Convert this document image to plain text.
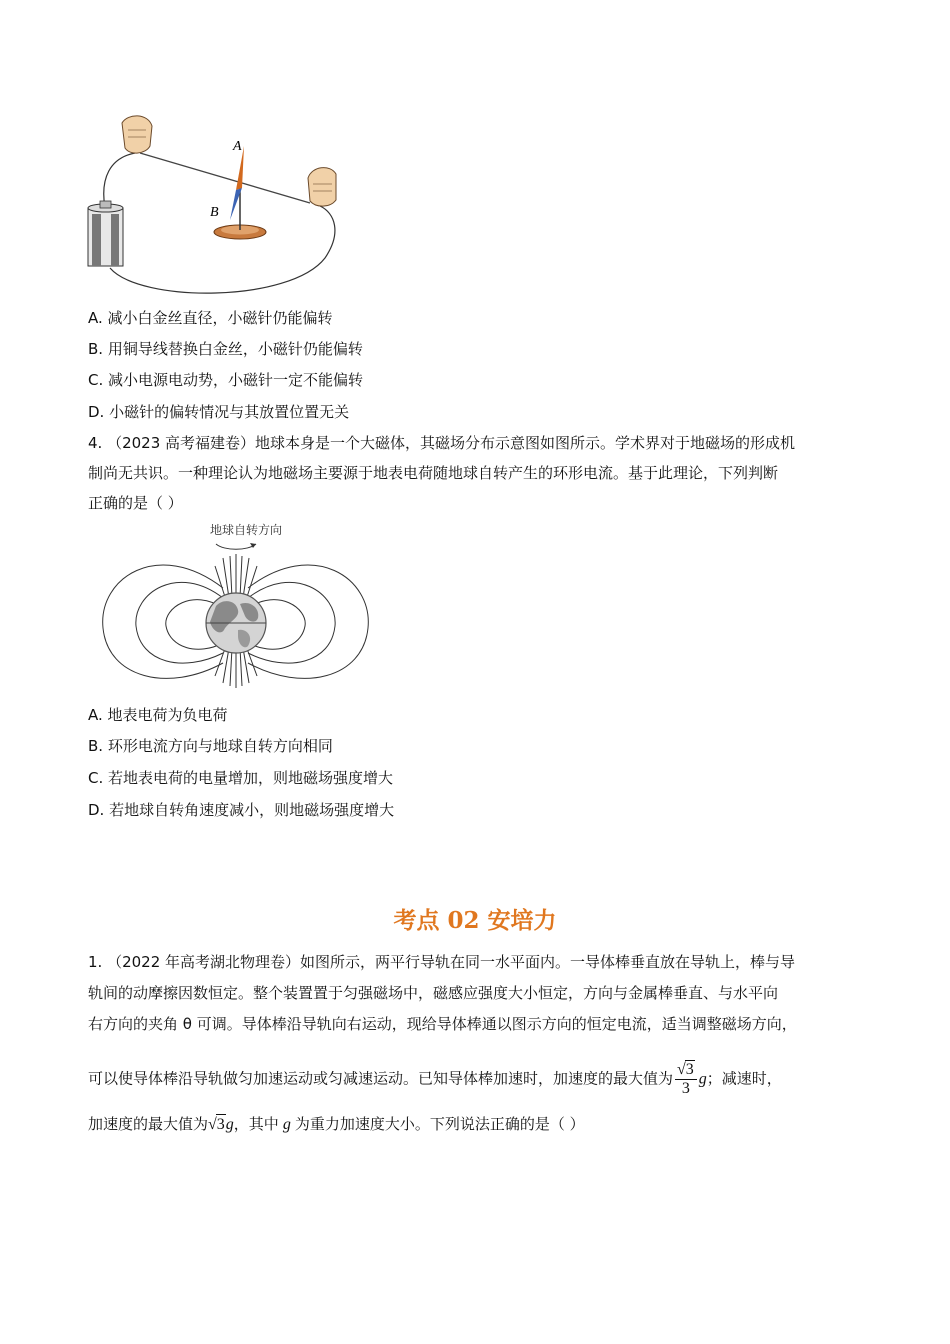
A
B
A. 减小白金丝直径，小磁针仍能偏转
B. 用铜导线替换白金丝，小磁针仍能偏转
C. 减小电源电动势，小磁针一定不能偏转
D. 小磁针的偏转情况与其放置位置无关
4. （2023 高考福建卷）地球本身是一个大磁体，其磁场分布示意图如图所示。学术界对于地磁场的形成机
制尚无共识。一种理论认为地磁场主要源于地表电荷随地球自转产生的环形电流。基于此理论，下列判断
正确的是（ ）
地球自转方向
A. 地表电荷为负电荷
B. 环形电流方向与地球自转方向相同
C. 若地表电荷的电量增加，则地磁场强度增大
D. 若地球自转角速度减小，则地磁场强度增大
考点 02 安培力
1. （2022 年高考湖北物理卷）如图所示，两平行导轨在同一水平面内。一导体棒垂直放在导轨上，棒与导
轨间的动摩擦因数恒定。整个装置置于匀强磁场中，磁感应强度大小恒定，方向与金属棒垂直、与水平向
右方向的夹角 θ 可调。导体棒沿导轨向右运动，现给导体棒通以图示方向的恒定电流，适当调整磁场方向，
可以使导体棒沿导轨做匀加速运动或匀减速运动。已知导体棒加速时，加速度的最大值为 $\frac{√3}{3}$ g；减速时，
加速度的最大值为√3g，其中 g 为重力加速度大小。下列说法正确的是（ ）
